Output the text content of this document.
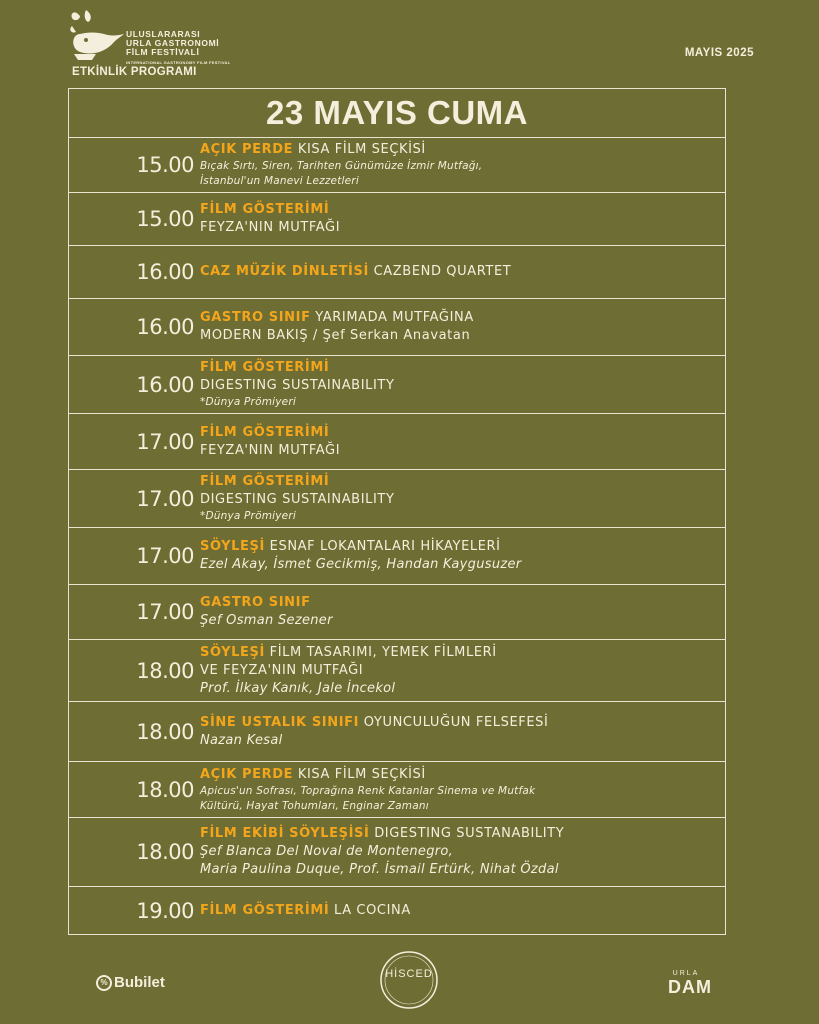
ULUSLARARASI
URLA GASTRONOMİ
FİLM FESTİVALİ
INTERNATIONAL GASTRONOMY FILM FESTIVAL
ETKİNLİK PROGRAMI
MAYIS 2025
23 MAYIS CUMA
15.00
AÇIK PERDE KISA FİLM SEÇKİSİ
Bıçak Sırtı, Siren, Tarihten Günümüze İzmir Mutfağı,
İstanbul'un Manevi Lezzetleri
15.00 FİLM GÖSTERİMİ
FEYZA'NIN MUTFAĞI
16.00 CAZ MÜZİK DİNLETİSİ CAZBEND QUARTET
16.00 GASTRO SINIF YARIMADA MUTFAĞINA
MODERN BAKIŞ / Şef Serkan Anavatan
16.00
FİLM GÖSTERİMİ
DIGESTING SUSTAINABILITY
*Dünya Prömiyeri
17.00 FİLM GÖSTERİMİ
FEYZA'NIN MUTFAĞI
17.00
FİLM GÖSTERİMİ
DIGESTING SUSTAINABILITY
*Dünya Prömiyeri
17.00 SÖYLEŞİ ESNAF LOKANTALARI HİKAYELERİ
Ezel Akay, İsmet Gecikmiş, Handan Kaygusuzer
17.00 GASTRO SINIF
Şef Osman Sezener
18.00
SÖYLEŞİ FİLM TASARIMI, YEMEK FİLMLERİ
VE FEYZA'NIN MUTFAĞI
Prof. İlkay Kanık, Jale İncekol
18.00 SİNE USTALIK SINIFI OYUNCULUĞUN FELSEFESİ
Nazan Kesal
18.00
AÇIK PERDE KISA FİLM SEÇKİSİ
Apicus'un Sofrası, Toprağına Renk Katanlar Sinema ve Mutfak
Kültürü, Hayat Tohumları, Enginar Zamanı
18.00
FİLM EKİBİ SÖYLEŞİSİ DIGESTING SUSTANABILITY
Şef Blanca Del Noval de Montenegro,
Maria Paulina Duque, Prof. İsmail Ertürk, Nihat Özdal
19.00 FİLM GÖSTERİMİ LA COCINA
% Bubilet	HİSCED	URLA
DAM
